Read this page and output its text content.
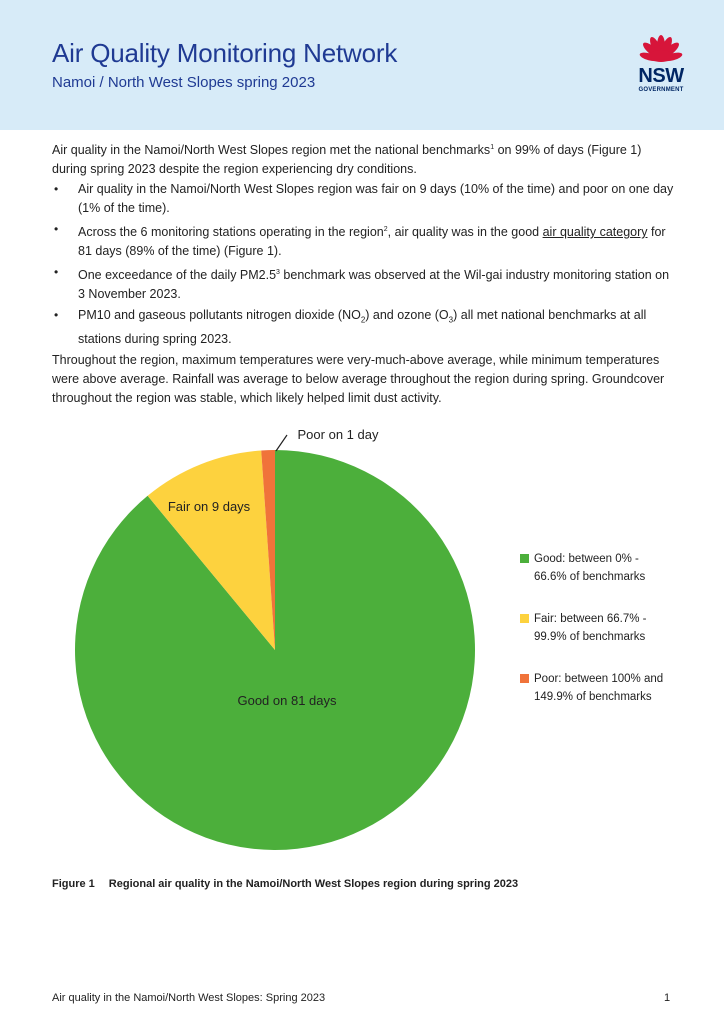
Air Quality Monitoring Network

Namoi / North West Slopes spring 2023	NSW
GOVERNMENT

Air quality in the Namoi/North West Slopes region met the national benchmarks$^1$ on 99% of days (Figure 1) during spring 2023 despite the region experiencing dry conditions.

• Air quality in the Namoi/North West Slopes region was fair on 9 days (10% of the time) and poor on one day (1% of the time).
• Across the 6 monitoring stations operating in the region$^2$, air quality was in the good air quality category for 81 days (89% of the time) (Figure 1).
• One exceedance of the daily $PM2.5^3$ benchmark was observed at the Wil-gai industry monitoring station on 3 November 2023.
• PM10 and gaseous pollutants nitrogen dioxide $(NO_2)$ and ozone $(O_3)$ all met national benchmarks at all stations during spring 2023.

Throughout the region, maximum temperatures were very-much-above average, while minimum temperatures were above average. Rainfall was average to below average throughout the region during spring. Groundcover throughout the region was stable, which likely helped limit dust activity.

Good on 81 days
Fair on 9 days
Poor on 1 day
Good: between 0% - 66.6% of benchmarks
Fair: between 66.7% - 99.9% of benchmarks
Poor: between 100% and 149.9% of benchmarks
Figure 1 Regional air quality in the Namoi/North West Slopes region during spring 2023
Air quality in the Namoi/North West Slopes: Spring 2023	1
